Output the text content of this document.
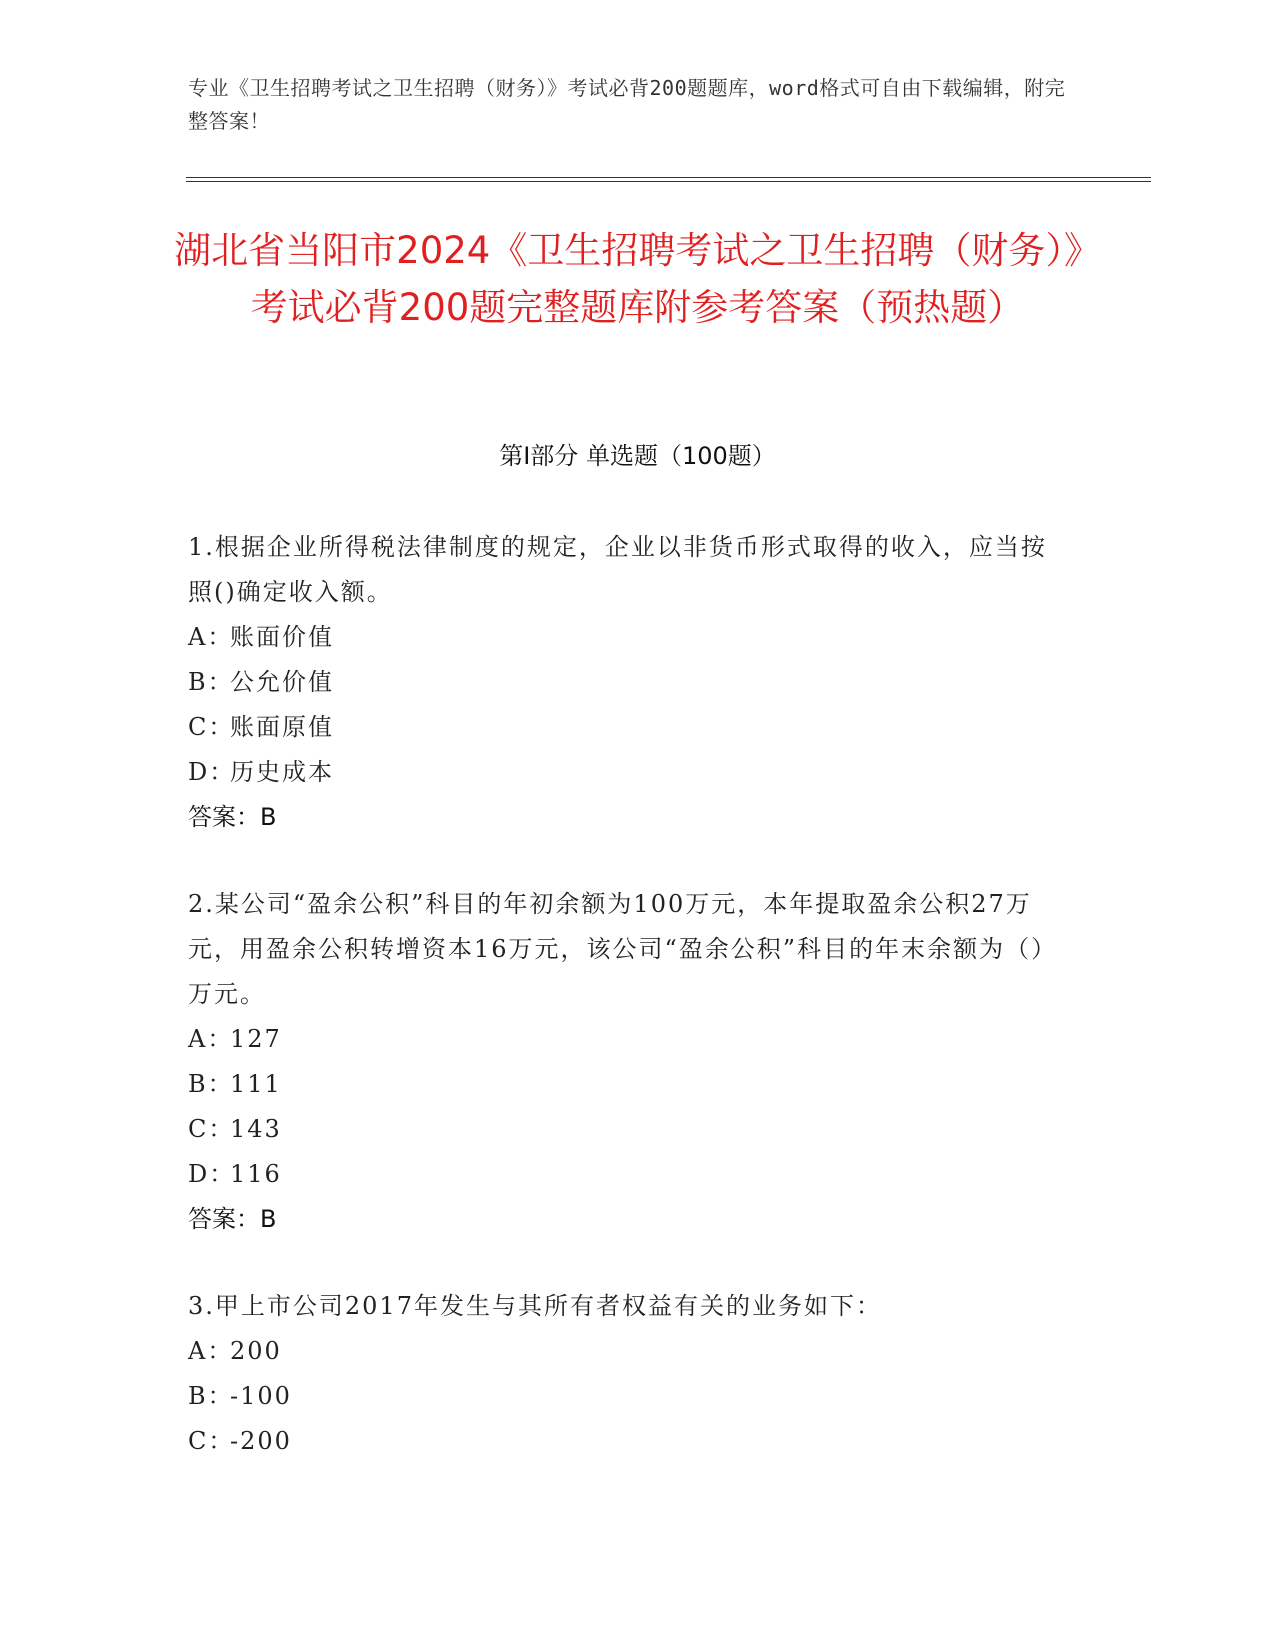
专业《卫生招聘考试之卫生招聘（财务）》考试必背200题题库，word格式可自由下载编辑，附完整答案！
湖北省当阳市2024《卫生招聘考试之卫生招聘（财务）》考试必背200题完整题库附参考答案（预热题）
第Ⅰ部分 单选题（100题）

1.根据企业所得税法律制度的规定，企业以非货币形式取得的收入，应当按照()确定收入额。

A：
账面价值

B：
公允价值

C：
账面原值

D：
历史成本

答案：B

2.某公司“盈余公积”科目的年初余额为100万元，本年提取盈余公积27万元，用盈余公积转增资本16万元，该公司“盈余公积”科目的年末余额为（）万元。

A：
127

B：
111

C：
143

D：
116

答案：B

3.甲上市公司2017年发生与其所有者权益有关的业务如下：

A：
200

B：
-100

C：
-200
